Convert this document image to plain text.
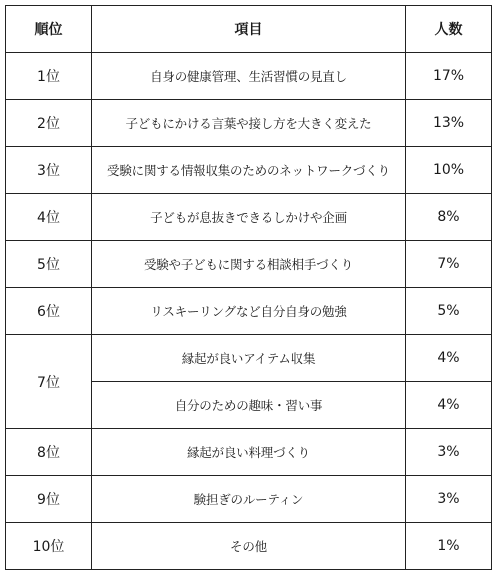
順位	項目	人数
1位	自身の健康管理、生活習慣の見直し	17%
2位	子どもにかける言葉や接し方を大きく変えた	13%
3位	受験に関する情報収集のためのネットワークづくり	10%
4位	子どもが息抜きできるしかけや企画	8%
5位	受験や子どもに関する相談相手づくり	7%
6位	リスキーリングなど自分自身の勉強	5%
7位	縁起が良いアイテム収集	4%
	自分のための趣味・習い事	4%
8位	縁起が良い料理づくり	3%
9位	験担ぎのルーティン	3%
10位	その他	1%
